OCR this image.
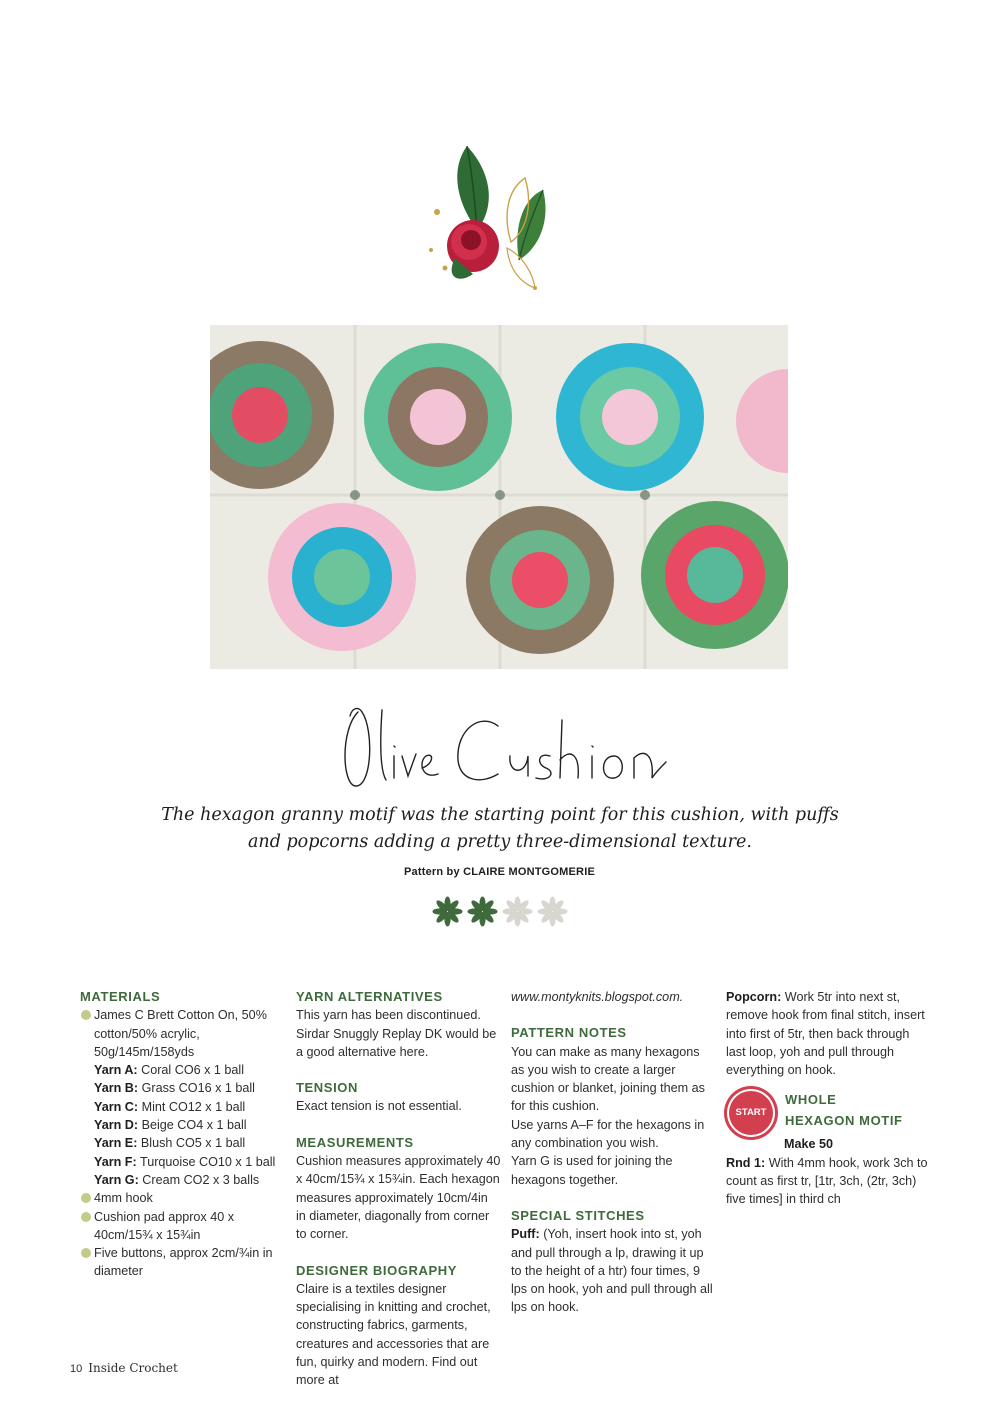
The hexagon granny motif was the starting point for this cushion, with puffs and popcorns adding a pretty three-dimensional texture.
Pattern by CLAIRE MONTGOMERIE

MATERIALS

James C Brett Cotton On, 50% cotton/50% acrylic, 50g/145m/158yds
Yarn A: Coral CO6 x 1 ball
Yarn B: Grass CO16 x 1 ball
Yarn C: Mint CO12 x 1 ball
Yarn D: Beige CO4 x 1 ball
Yarn E: Blush CO5 x 1 ball
Yarn F: Turquoise CO10 x 1 ball
Yarn G: Cream CO2 x 3 balls
4mm hook
Cushion pad approx 40 x 40cm/15¾ x 15¾in
Five buttons, approx 2cm/¾in in diameter

YARN ALTERNATIVES

This yarn has been discontinued. Sirdar Snuggly Replay DK would be a good alternative here.

TENSION

Exact tension is not essential.

MEASUREMENTS

Cushion measures approximately 40 x 40cm/15¾ x 15¾in. Each hexagon measures approximately 10cm/4in in diameter, diagonally from corner to corner.

DESIGNER BIOGRAPHY

Claire is a textiles designer specialising in knitting and crochet, constructing fabrics, garments, creatures and accessories that are fun, quirky and modern. Find out more at

www.montyknits.blogspot.com.

PATTERN NOTES

You can make as many hexagons as you wish to create a larger cushion or blanket, joining them as for this cushion.

Use yarns A–F for the hexagons in any combination you wish.

Yarn G is used for joining the hexagons together.

SPECIAL STITCHES

Puff: (Yoh, insert hook into st, yoh and pull through a lp, drawing it up to the height of a htr) four times, 9 lps on hook, yoh and pull through all lps on hook.

Popcorn: Work 5tr into next st, remove hook from final stitch, insert into first of 5tr, then back through last loop, yoh and pull through everything on hook.

START
WHOLE
HEXAGON MOTIF
Make 50

Rnd 1: With 4mm hook, work 3ch to count as first tr, [1tr, 3ch, (2tr, 3ch) five times] in third ch

10 Inside Crochet
